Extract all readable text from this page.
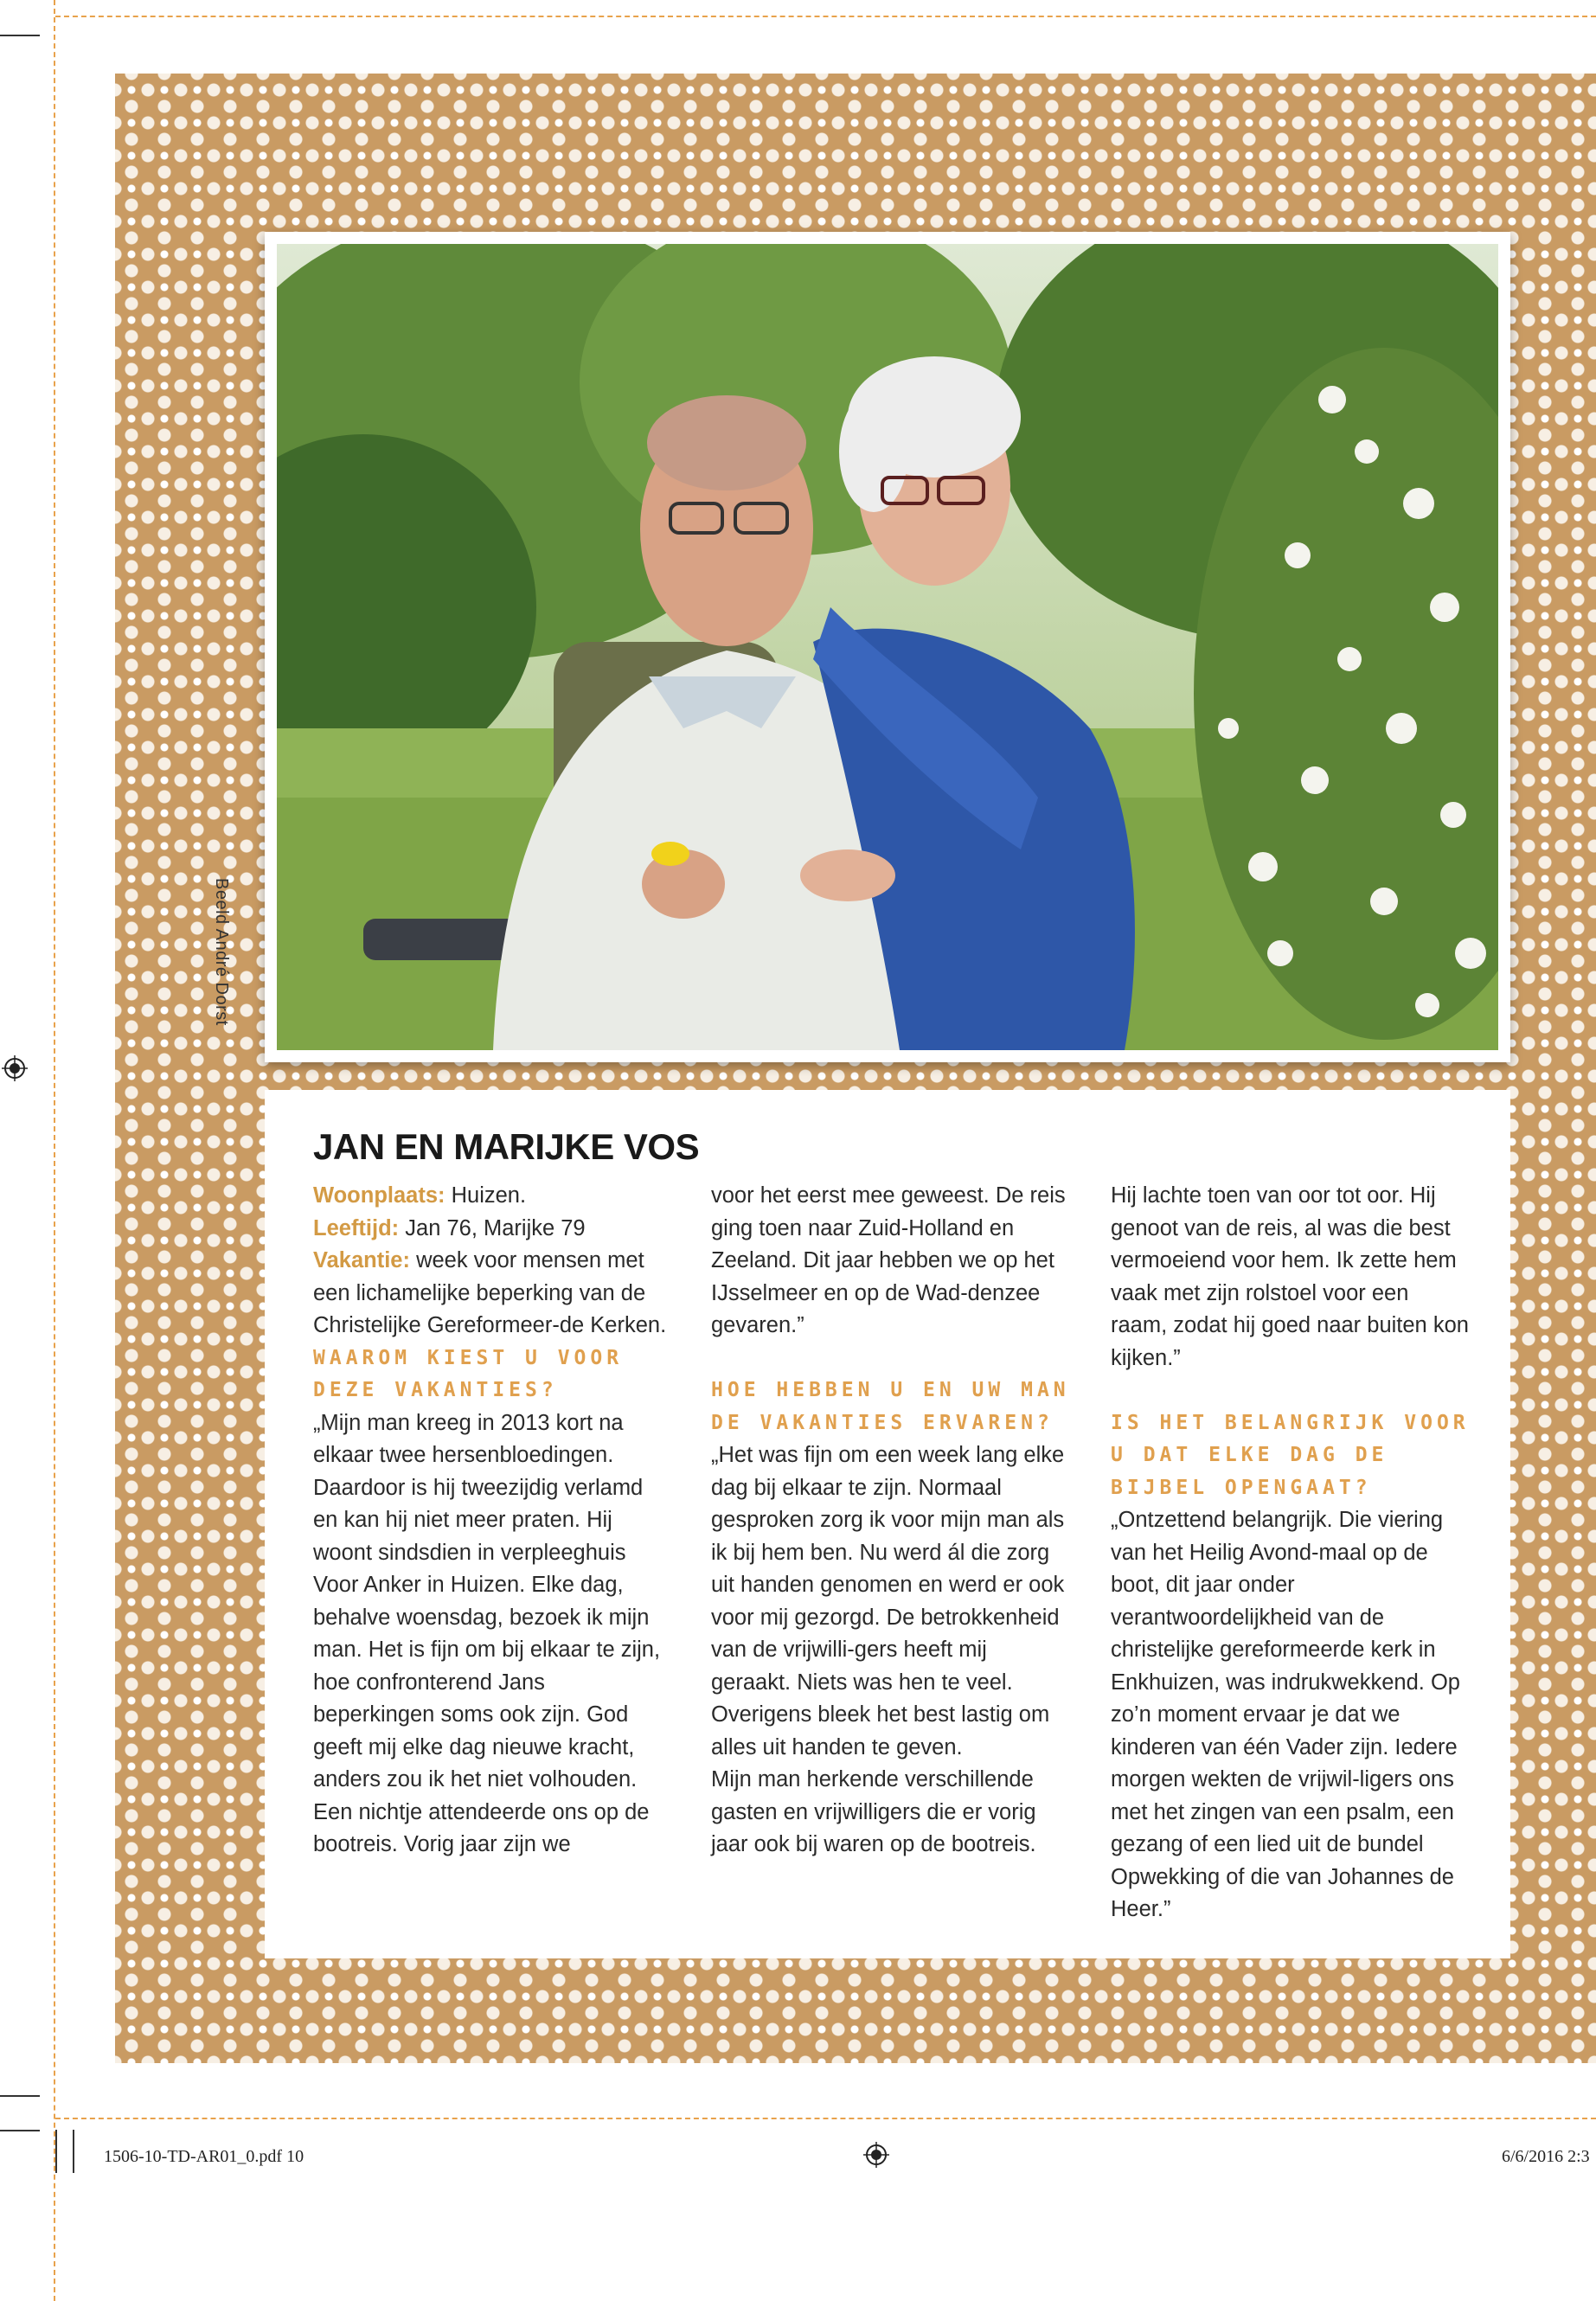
Beeld André Dorst
JAN EN MARIJKE VOS

Woonplaats: Huizen.

Leeftijd: Jan 76, Marijke 79

Vakantie: week voor mensen met een lichamelijke beperking van de Christelijke Gereformeer-de Kerken.

WAAROM KIEST U VOOR DEZE VAKANTIES?

„Mijn man kreeg in 2013 kort na elkaar twee hersenbloedingen. Daardoor is hij tweezijdig verlamd en kan hij niet meer praten. Hij woont sindsdien in verpleeghuis Voor Anker in Huizen. Elke dag, behalve woensdag, bezoek ik mijn man. Het is fijn om bij elkaar te zijn, hoe confronterend Jans beperkingen soms ook zijn. God geeft mij elke dag nieuwe kracht, anders zou ik het niet volhouden. Een nichtje attendeerde ons op de bootreis. Vorig jaar zijn we

voor het eerst mee geweest. De reis ging toen naar Zuid-Holland en Zeeland. Dit jaar hebben we op het IJsselmeer en op de Wad-denzee gevaren.”

HOE HEBBEN U EN UW MAN DE VAKANTIES ERVAREN?

„Het was fijn om een week lang elke dag bij elkaar te zijn. Normaal gesproken zorg ik voor mijn man als ik bij hem ben. Nu werd ál die zorg uit handen genomen en werd er ook voor mij gezorgd. De betrokkenheid van de vrijwilli-gers heeft mij geraakt. Niets was hen te veel. Overigens bleek het best lastig om alles uit handen te geven.

Mijn man herkende verschillende gasten en vrijwilligers die er vorig jaar ook bij waren op de bootreis.

Hij lachte toen van oor tot oor. Hij genoot van de reis, al was die best vermoeiend voor hem. Ik zette hem vaak met zijn rolstoel voor een raam, zodat hij goed naar buiten kon kijken.”

IS HET BELANGRIJK VOOR U DAT ELKE DAG DE BIJBEL OPENGAAT?

„Ontzettend belangrijk. Die viering van het Heilig Avond-maal op de boot, dit jaar onder verantwoordelijkheid van de christelijke gereformeerde kerk in Enkhuizen, was indrukwekkend. Op zo’n moment ervaar je dat we kinderen van één Vader zijn. Iedere morgen wekten de vrijwil-ligers ons met het zingen van een psalm, een gezang of een lied uit de bundel Opwekking of die van Johannes de Heer.”

1506-10-TD-AR01_0.pdf 10	6/6/2016 2:3
